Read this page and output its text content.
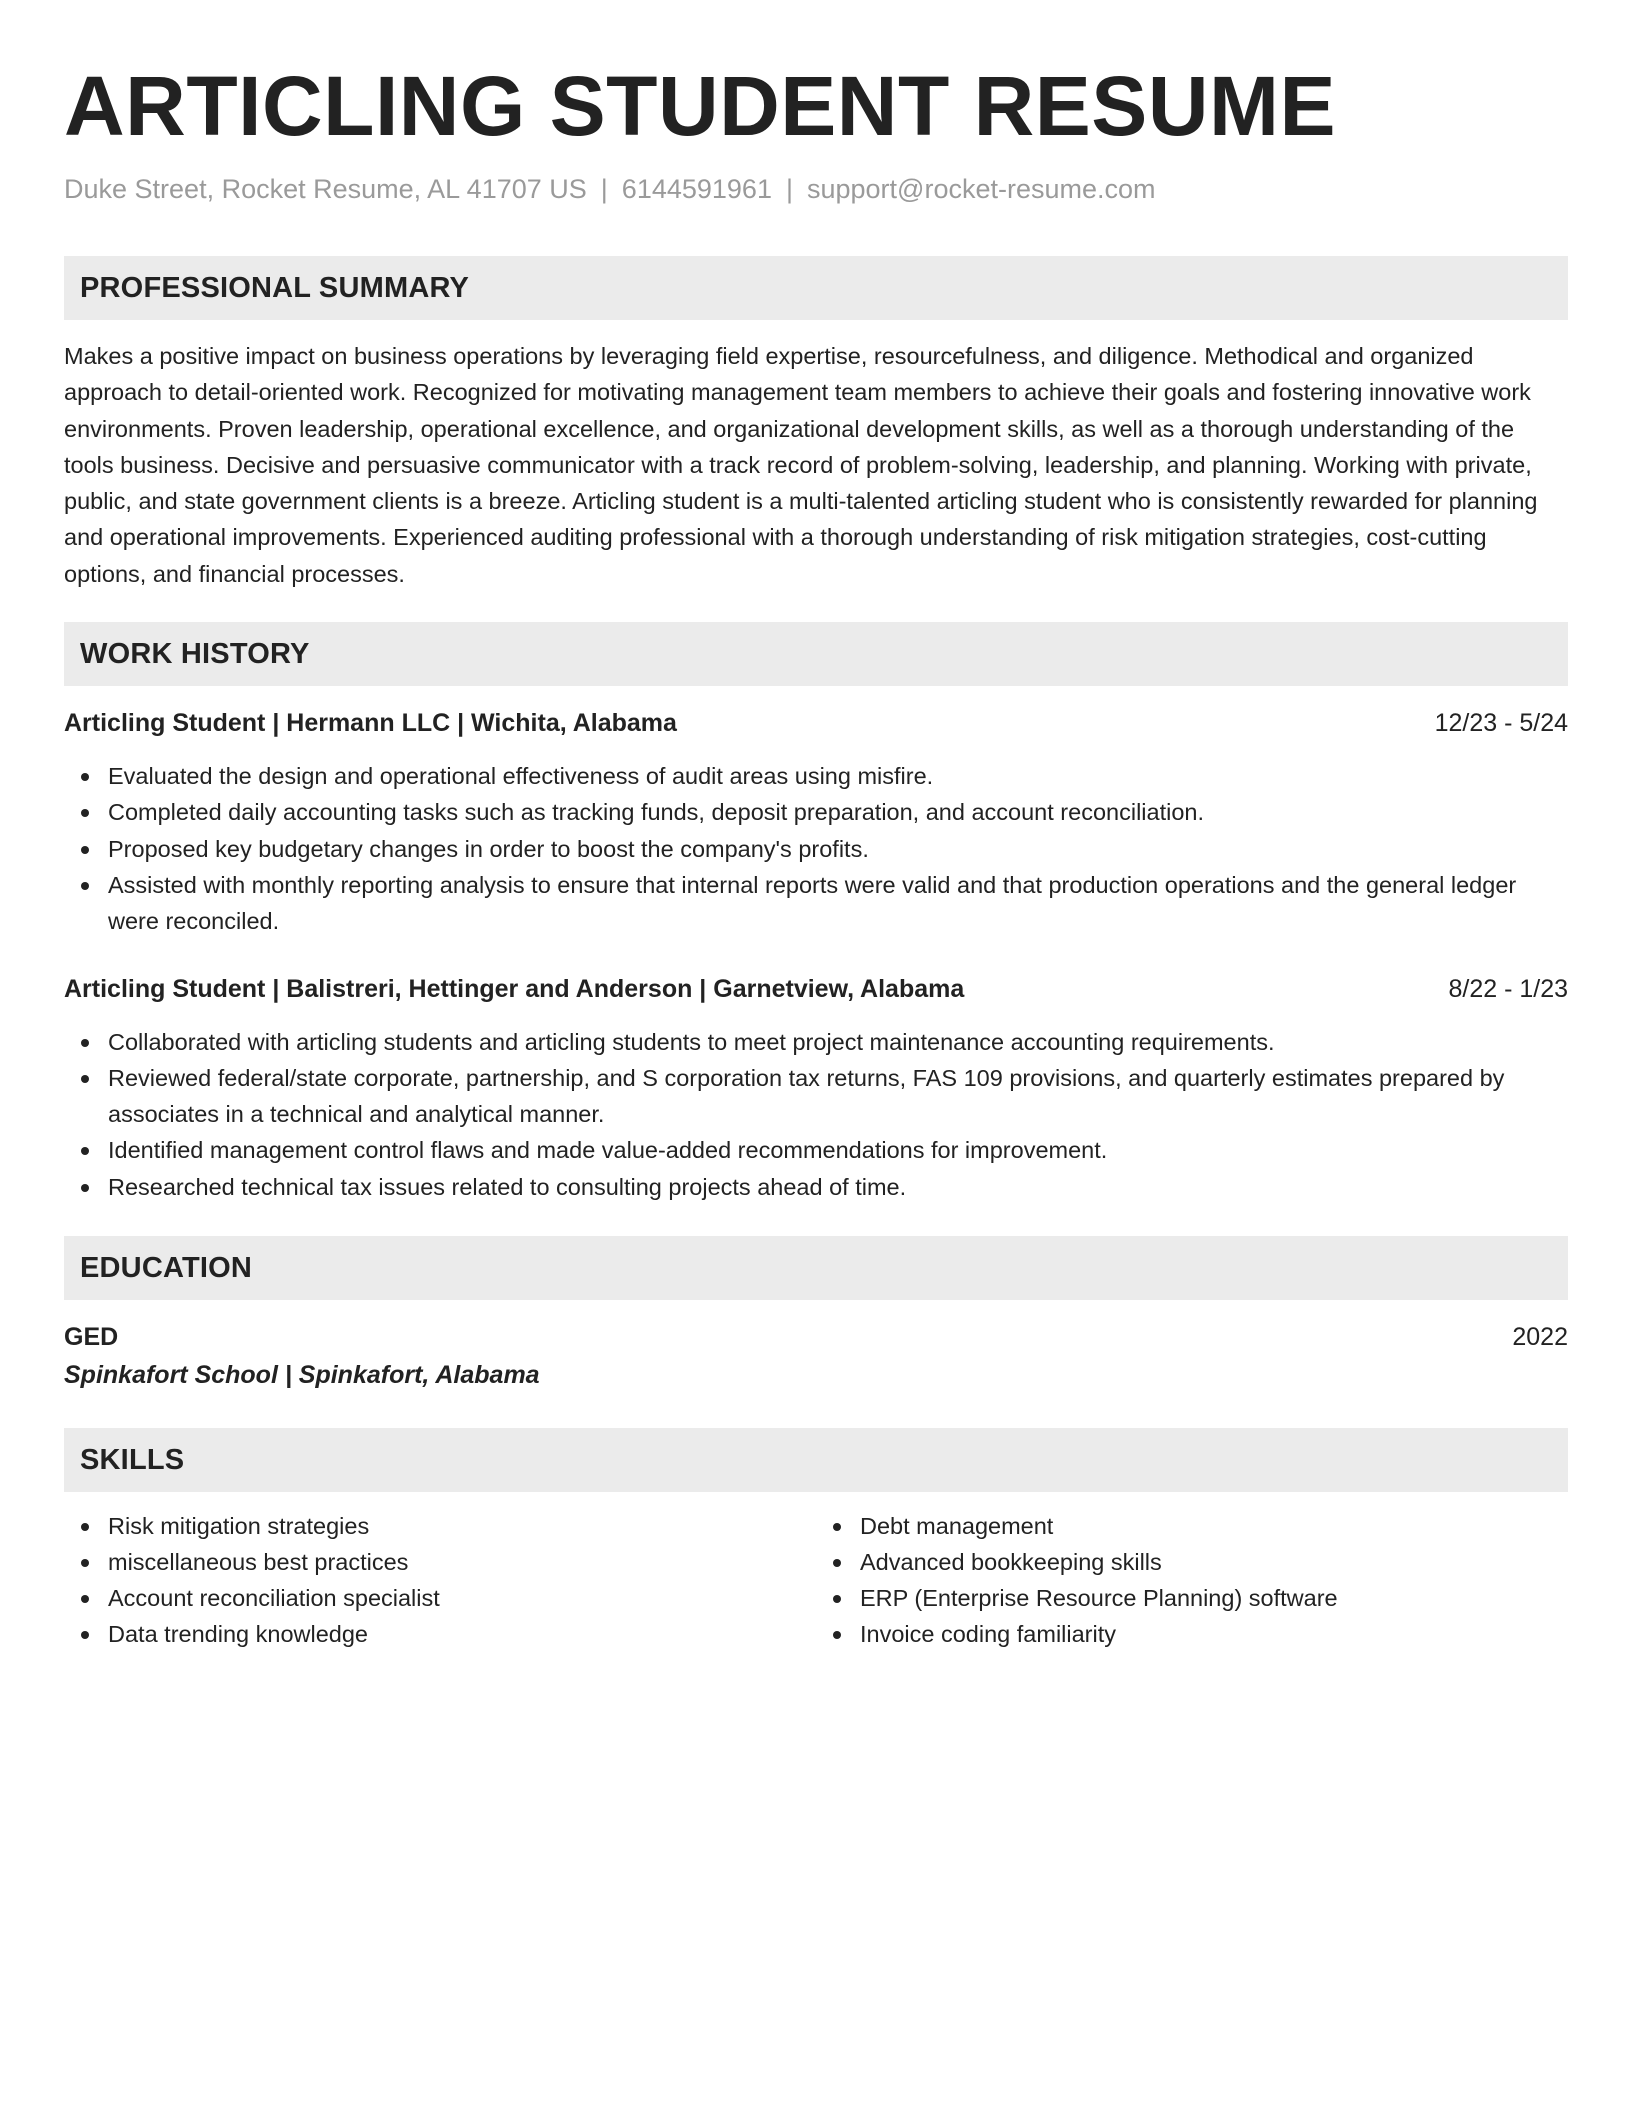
ARTICLING STUDENT RESUME
Duke Street, Rocket Resume, AL 41707 US | 6144591961 | support@rocket-resume.com
PROFESSIONAL SUMMARY

Makes a positive impact on business operations by leveraging field expertise, resourcefulness, and diligence. Methodical and organized approach to detail-oriented work. Recognized for motivating management team members to achieve their goals and fostering innovative work environments. Proven leadership, operational excellence, and organizational development skills, as well as a thorough understanding of the tools business. Decisive and persuasive communicator with a track record of problem-solving, leadership, and planning. Working with private, public, and state government clients is a breeze. Articling student is a multi-talented articling student who is consistently rewarded for planning and operational improvements. Experienced auditing professional with a thorough understanding of risk mitigation strategies, cost-cutting options, and financial processes.

WORK HISTORY
Articling Student | Hermann LLC | Wichita, Alabama	12/23 - 5/24
Evaluated the design and operational effectiveness of audit areas using misfire.
Completed daily accounting tasks such as tracking funds, deposit preparation, and account reconciliation.
Proposed key budgetary changes in order to boost the company's profits.
Assisted with monthly reporting analysis to ensure that internal reports were valid and that production operations and the general ledger were reconciled.
Articling Student | Balistreri, Hettinger and Anderson | Garnetview, Alabama	8/22 - 1/23
Collaborated with articling students and articling students to meet project maintenance accounting requirements.
Reviewed federal/state corporate, partnership, and S corporation tax returns, FAS 109 provisions, and quarterly estimates prepared by associates in a technical and analytical manner.
Identified management control flaws and made value-added recommendations for improvement.
Researched technical tax issues related to consulting projects ahead of time.
EDUCATION
GED	2022
Spinkafort School | Spinkafort, Alabama
SKILLS
Risk mitigation strategies
miscellaneous best practices
Account reconciliation specialist
Data trending knowledge
Debt management
Advanced bookkeeping skills
ERP (Enterprise Resource Planning) software
Invoice coding familiarity
